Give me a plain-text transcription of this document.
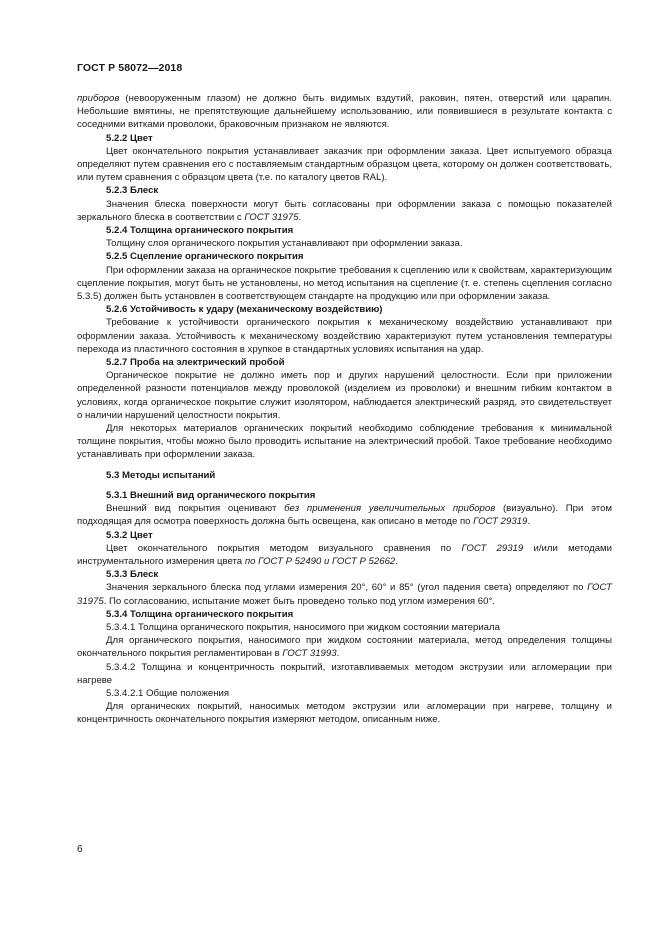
ГОСТ Р 58072—2018

приборов (невооруженным глазом) не должно быть видимых вздутий, раковин, пятен, отверстий или царапин. Небольшие вмятины, не препятствующие дальнейшему использованию, или появившиеся в результате контакта с соседними витками проволоки, браковочным признаком не являются.

5.2.2 Цвет

Цвет окончательного покрытия устанавливает заказчик при оформлении заказа. Цвет испытуемого образца определяют путем сравнения его с поставляемым стандартным образцом цвета, которому он должен соответствовать, или путем сравнения с образцом цвета (т.е. по каталогу цветов RAL).

5.2.3 Блеск

Значения блеска поверхности могут быть согласованы при оформлении заказа с помощью показателей зеркального блеска в соответствии с ГОСТ 31975.

5.2.4 Толщина органического покрытия

Толщину слоя органического покрытия устанавливают при оформлении заказа.

5.2.5 Сцепление органического покрытия

При оформлении заказа на органическое покрытие требования к сцеплению или к свойствам, характеризующим сцепление покрытия, могут быть не установлены, но метод испытания на сцепление (т. е. степень сцепления согласно 5.3.5) должен быть установлен в соответствующем стандарте на продукцию или при оформлении заказа.

5.2.6 Устойчивость к удару (механическому воздействию)

Требование к устойчивости органического покрытия к механическому воздействию устанавливают при оформлении заказа. Устойчивость к механическому воздействию характеризуют путем установления температуры перехода из пластичного состояния в хрупкое в стандартных условиях испытания на удар.

5.2.7 Проба на электрический пробой

Органическое покрытие не должно иметь пор и других нарушений целостности. Если при приложении определенной разности потенциалов между проволокой (изделием из проволоки) и внешним гибким контактом в условиях, когда органическое покрытие служит изолятором, наблюдается электрический разряд, это свидетельствует о наличии нарушений целостности покрытия.

Для некоторых материалов органических покрытий необходимо соблюдение требования к минимальной толщине покрытия, чтобы можно было проводить испытание на электрический пробой. Такое требование необходимо устанавливать при оформлении заказа.

5.3 Методы испытаний

5.3.1 Внешний вид органического покрытия

Внешний вид покрытия оценивают без применения увеличительных приборов (визуально). При этом подходящая для осмотра поверхность должна быть освещена, как описано в методе по ГОСТ 29319.

5.3.2 Цвет

Цвет окончательного покрытия методом визуального сравнения по ГОСТ 29319 и/или методами инструментального измерения цвета по ГОСТ Р 52490 и ГОСТ Р 52662.

5.3.3 Блеск

Значения зеркального блеска под углами измерения 20°, 60° и 85° (угол падения света) определяют по ГОСТ 31975. По согласованию, испытание может быть проведено только под углом измерения 60°.

5.3.4 Толщина органического покрытия

5.3.4.1 Толщина органического покрытия, наносимого при жидком состоянии материала

Для органического покрытия, наносимого при жидком состоянии материала, метод определения толщины окончательного покрытия регламентирован в ГОСТ 31993.

5.3.4.2 Толщина и концентричность покрытий, изготавливаемых методом экструзии или агломерации при нагреве

5.3.4.2.1 Общие положения

Для органических покрытий, наносимых методом экструзии или агломерации при нагреве, толщину и концентричность окончательного покрытия измеряют методом, описанным ниже.

6
